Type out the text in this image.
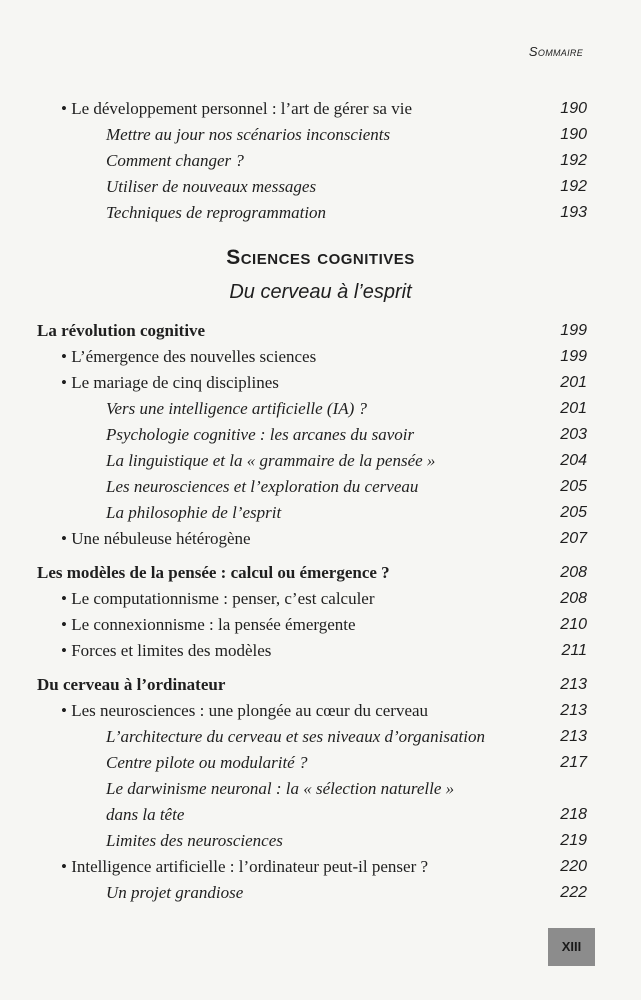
Sommaire
• Le développement personnel : l’art de gérer sa vie	190
Mettre au jour nos scénarios inconscients	190
Comment changer ?	192
Utiliser de nouveaux messages	192
Techniques de reprogrammation	193
Sciences cognitives
Du cerveau à l’esprit
La révolution cognitive	199
• L’émergence des nouvelles sciences	199
• Le mariage de cinq disciplines	201
Vers une intelligence artificielle (IA) ?	201
Psychologie cognitive : les arcanes du savoir	203
La linguistique et la « grammaire de la pensée »	204
Les neurosciences et l’exploration du cerveau	205
La philosophie de l’esprit	205
• Une nébuleuse hétérogène	207
Les modèles de la pensée : calcul ou émergence ?	208
• Le computationnisme : penser, c’est calculer	208
• Le connexionnisme : la pensée émergente	210
• Forces et limites des modèles	211
Du cerveau à l’ordinateur	213
• Les neurosciences : une plongée au cœur du cerveau	213
L’architecture du cerveau et ses niveaux d’organisation	213
Centre pilote ou modularité ?	217
Le darwinisme neuronal : la « sélection naturelle »
dans la tête	218
Limites des neurosciences	219
• Intelligence artificielle : l’ordinateur peut-il penser ?	220
Un projet grandiose	222
XIII
